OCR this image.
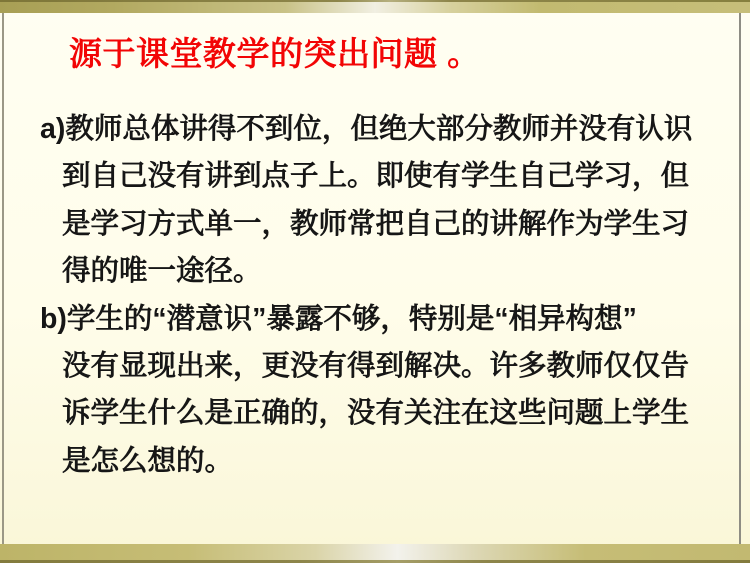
源于课堂教学的突出问题 。
a)教师总体讲得不到位，但绝大部分教师并没有认识
到自己没有讲到点子上。即使有学生自己学习，但
是学习方式单一，教师常把自己的讲解作为学生习
得的唯一途径。
b)学生的“潜意识”暴露不够，特别是“相异构想”
没有显现出来，更没有得到解决。许多教师仅仅告
诉学生什么是正确的，没有关注在这些问题上学生
是怎么想的。
